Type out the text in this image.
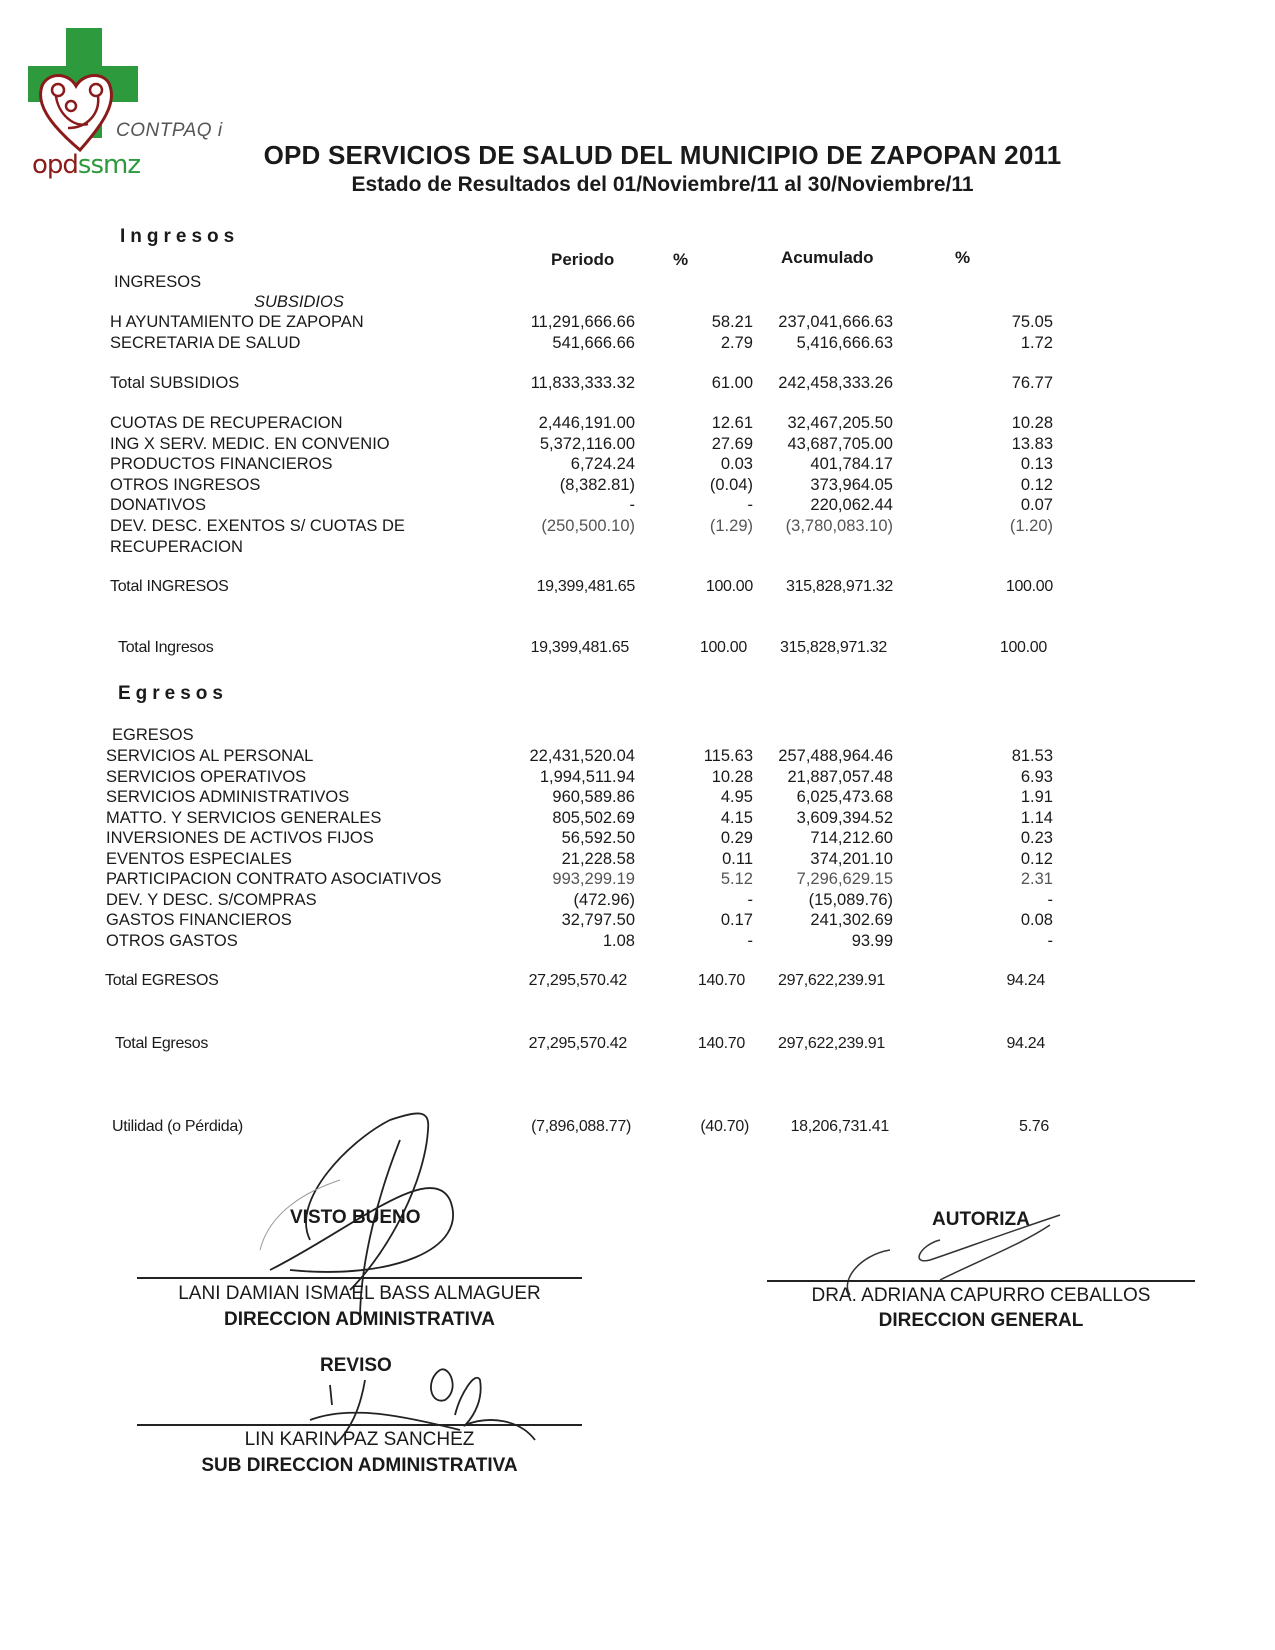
CONTPAQ i
opdssmz	OPD SERVICIOS DE SALUD DEL MUNICIPIO DE ZAPOPAN 2011
Estado de Resultados del 01/Noviembre/11 al 30/Noviembre/11
Ingresos
Periodo	%	Acumulado	%
INGRESOS
SUBSIDIOS
H AYUNTAMIENTO DE ZAPOPAN	11,291,666.66	58.21 237,041,666.63	75.05
SECRETARIA DE SALUD	541,666.66	2.79	5,416,666.63	1.72
Total SUBSIDIOS	11,833,333.32	61.00 242,458,333.26	76.77
CUOTAS DE RECUPERACION	2,446,191.00	12.61 32,467,205.50	10.28
ING X SERV. MEDIC. EN CONVENIO	5,372,116.00	27.69 43,687,705.00	13.83
PRODUCTOS FINANCIEROS	6,724.24	0.03	401,784.17	0.13
OTROS INGRESOS	(8,382.81)	(0.04)	373,964.05	0.12
DONATIVOS	-	-	220,062.44	0.07
DEV. DESC. EXENTOS S/ CUOTAS DE	(250,500.10)	(1.29) (3,780,083.10)	(1.20)
RECUPERACION
Total INGRESOS	19,399,481.65	100.00 315,828,971.32	100.00
Total Ingresos	19,399,481.65	100.00 315,828,971.32	100.00
Egresos
EGRESOS
SERVICIOS AL PERSONAL	22,431,520.04	115.63 257,488,964.46	81.53
SERVICIOS OPERATIVOS	1,994,511.94	10.28 21,887,057.48	6.93
SERVICIOS ADMINISTRATIVOS	960,589.86	4.95	6,025,473.68	1.91
MATTO. Y SERVICIOS GENERALES	805,502.69	4.15	3,609,394.52	1.14
INVERSIONES DE ACTIVOS FIJOS	56,592.50	0.29	714,212.60	0.23
EVENTOS ESPECIALES	21,228.58	0.11	374,201.10	0.12
PARTICIPACION CONTRATO ASOCIATIVOS	993,299.19	5.12	7,296,629.15	2.31
DEV. Y DESC. S/COMPRAS	(472.96)	-	(15,089.76)	-
GASTOS FINANCIEROS	32,797.50	0.17	241,302.69	0.08
OTROS GASTOS	1.08	-	93.99	-
Total EGRESOS	27,295,570.42	140.70 297,622,239.91	94.24
Total Egresos	27,295,570.42	140.70 297,622,239.91	94.24
Utilidad (o Pérdida)	(7,896,088.77)	(40.70)	18,206,731.41	5.76
VISTO BUENO
LANI DAMIAN ISMAEL BASS ALMAGUER
DIRECCION ADMINISTRATIVA
AUTORIZA
DRA. ADRIANA CAPURRO CEBALLOS
DIRECCION GENERAL
REVISO
LIN KARIN PAZ SANCHEZ
SUB DIRECCION ADMINISTRATIVA
